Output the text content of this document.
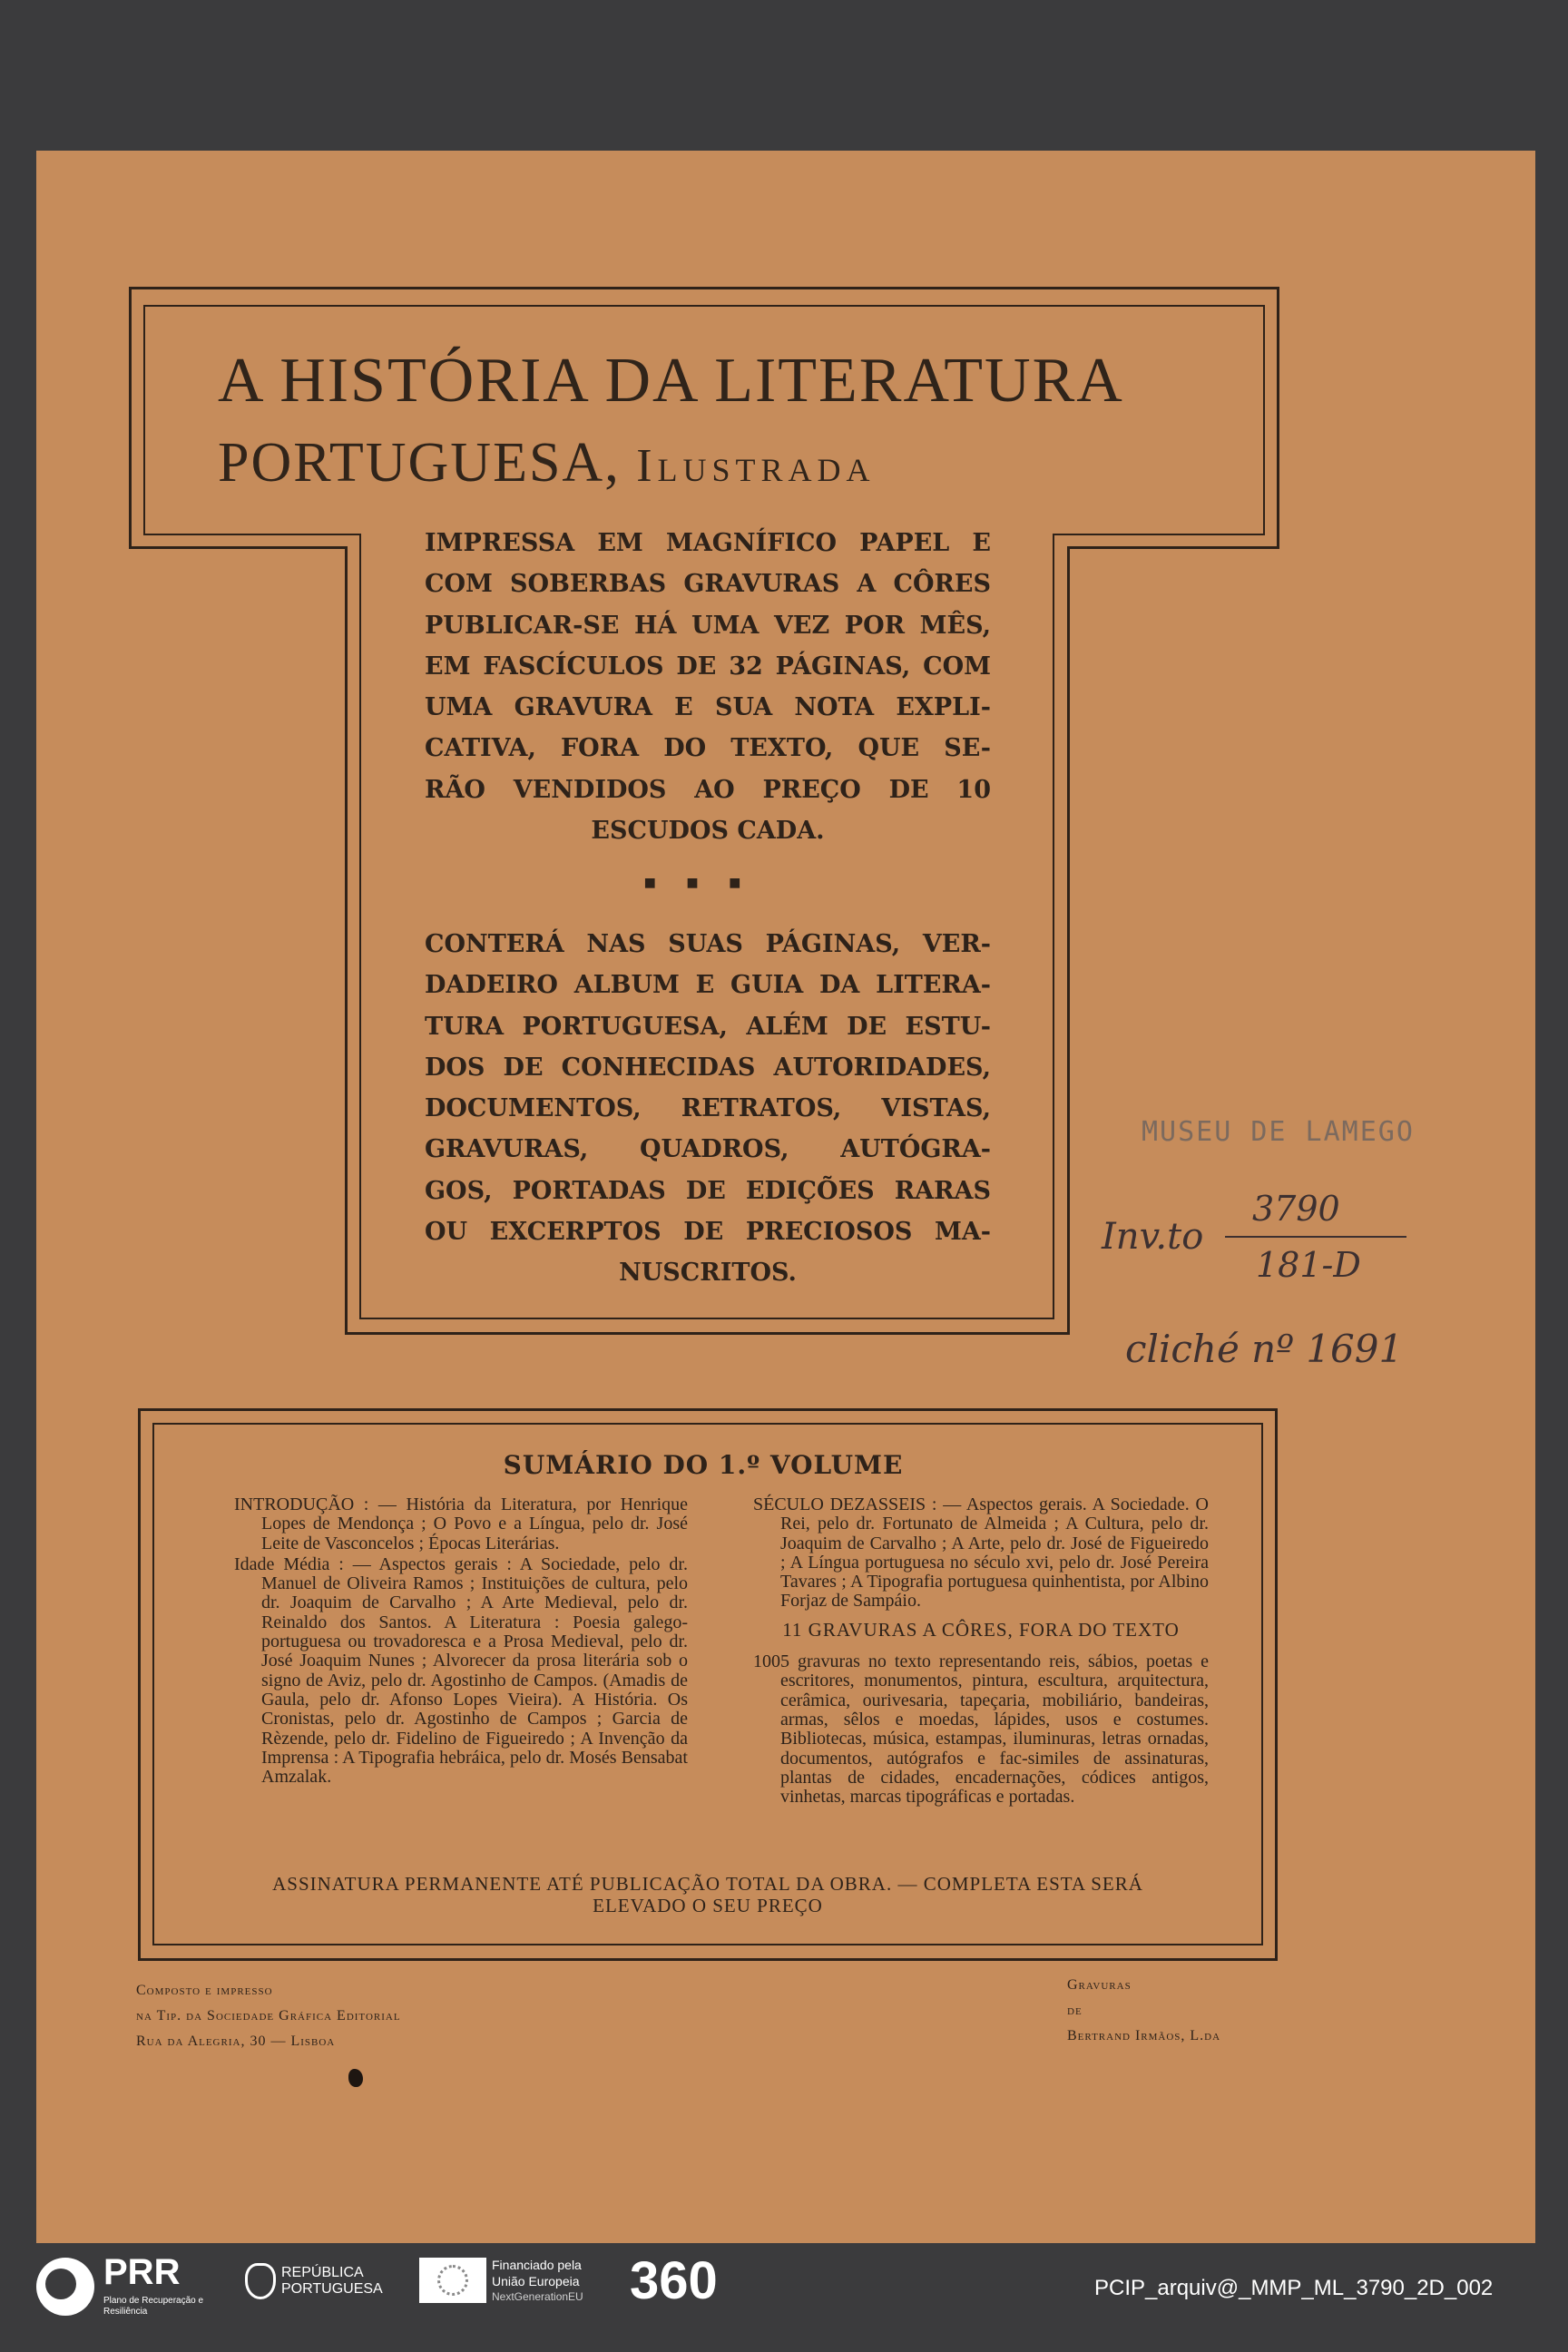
A HISTÓRIA DA LITERATURA
PORTUGUESA, Ilustrada
IMPRESSA EM MAGNÍFICO PAPEL E
COM SOBERBAS GRAVURAS A CÔRES
PUBLICAR-SE HÁ UMA VEZ POR MÊS,
EM FASCÍCULOS DE 32 PÁGINAS, COM
UMA GRAVURA E SUA NOTA EXPLI-
CATIVA, FORA DO TEXTO, QUE SE-
RÃO VENDIDOS AO PREÇO DE 10
ESCUDOS CADA.
■ ■ ■
CONTERÁ NAS SUAS PÁGINAS, VER-
DADEIRO ALBUM E GUIA DA LITERA-
TURA PORTUGUESA, ALÉM DE ESTU-
DOS DE CONHECIDAS AUTORIDADES,
DOCUMENTOS, RETRATOS, VISTAS,
GRAVURAS, QUADROS, AUTÓGRA-
GOS, PORTADAS DE EDIÇÕES RARAS
OU EXCERPTOS DE PRECIOSOS MA-
NUSCRITOS.
MUSEU DE LAMEGO
Inv.to
3790
181-D
cliché nº 1691
SUMÁRIO DO 1.º VOLUME

INTRODUÇÃO : — História da Literatura, por Henrique Lopes de Mendonça ; O Povo e a Língua, pelo dr. José Leite de Vasconcelos ; Épocas Literárias.

Idade Média : — Aspectos gerais : A Sociedade, pelo dr. Manuel de Oliveira Ramos ; Instituições de cultura, pelo dr. Joaquim de Carvalho ; A Arte Medieval, pelo dr. Reinaldo dos Santos. A Literatura : Poesia galego-portuguesa ou trovadoresca e a Prosa Medieval, pelo dr. José Joaquim Nunes ; Alvorecer da prosa literária sob o signo de Aviz, pelo dr. Agostinho de Campos. (Amadis de Gaula, pelo dr. Afonso Lopes Vieira). A História. Os Cronistas, pelo dr. Agostinho de Campos ; Garcia de Rèzende, pelo dr. Fidelino de Figueiredo ; A Invenção da Imprensa : A Tipografia hebráica, pelo dr. Mosés Bensabat Amzalak.

SÉCULO DEZASSEIS : — Aspectos gerais. A Sociedade. O Rei, pelo dr. Fortunato de Almeida ; A Cultura, pelo dr. Joaquim de Carvalho ; A Arte, pelo dr. José de Figueiredo ; A Língua portuguesa no século xvi, pelo dr. José Pereira Tavares ; A Tipografia portuguesa quinhentista, por Albino Forjaz de Sampáio.

11 GRAVURAS A CÔRES, FORA DO TEXTO

1005 gravuras no texto representando reis, sábios, poetas e escritores, monumentos, pintura, escultura, arquitectura, cerâmica, ourivesaria, tapeçaria, mobiliário, bandeiras, armas, sêlos e moedas, lápides, usos e costumes. Bibliotecas, música, estampas, iluminuras, letras ornadas, documentos, autógrafos e fac-similes de assinaturas, plantas de cidades, encadernações, códices antigos, vinhetas, marcas tipográficas e portadas.

ASSINATURA PERMANENTE ATÉ PUBLICAÇÃO TOTAL DA OBRA. — COMPLETA ESTA SERÁ
ELEVADO O SEU PREÇO
Composto e impresso
na Tip. da Sociedade Gráfica Editorial
Rua da Alegria, 30 — Lisboa
Gravuras
de
Bertrand Irmãos, L.da
PRR
Plano de Recuperação e Resiliência
REPÚBLICA PORTUGUESA
Financiado pela
União Europeia
NextGenerationEU 360	PCIP_arquiv@_MMP_ML_3790_2D_002
